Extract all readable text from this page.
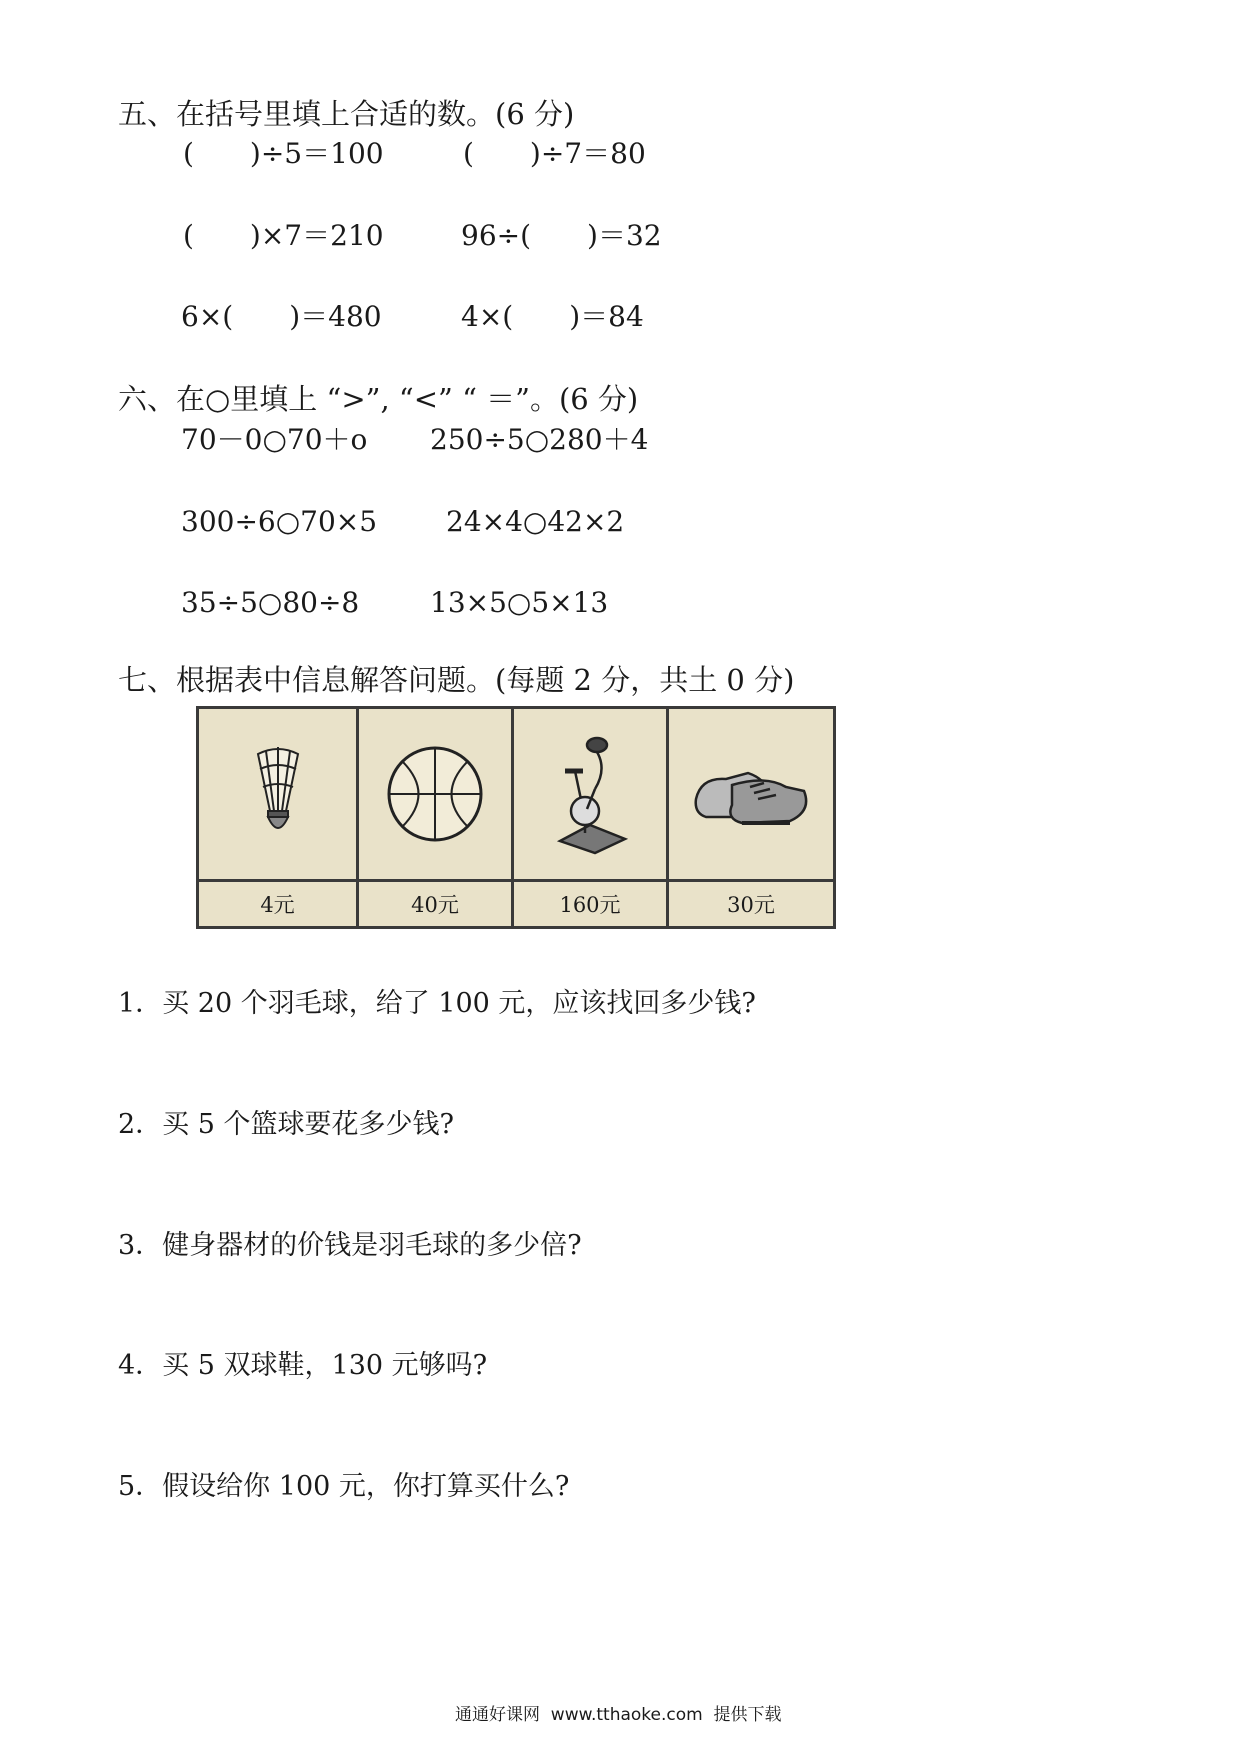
五、在括号里填上合适的数。(6 分)
(　　)÷5＝100	(　　)÷7＝80
(　　)×7＝210	96÷(　　)＝32
6×(　　)＝480	4×(　　)＝84
六、在○里填上 “>”, “<” “ ＝”。(6 分)
70－0○70＋o 250÷5○280＋4
300÷6○70×5 24×4○42×2
35÷5○80÷8	13×5○5×13
七、根据表中信息解答问题。(每题 2 分，共土 0 分)
4元	40元	160元	30元
1．买 20 个羽毛球，给了 100 元，应该找回多少钱?
2．买 5 个篮球要花多少钱?
3．健身器材的价钱是羽毛球的多少倍?
4．买 5 双球鞋，130 元够吗?
5．假设给你 100 元，你打算买什么?
通通好课网  www.tthaoke.com  提供下载
